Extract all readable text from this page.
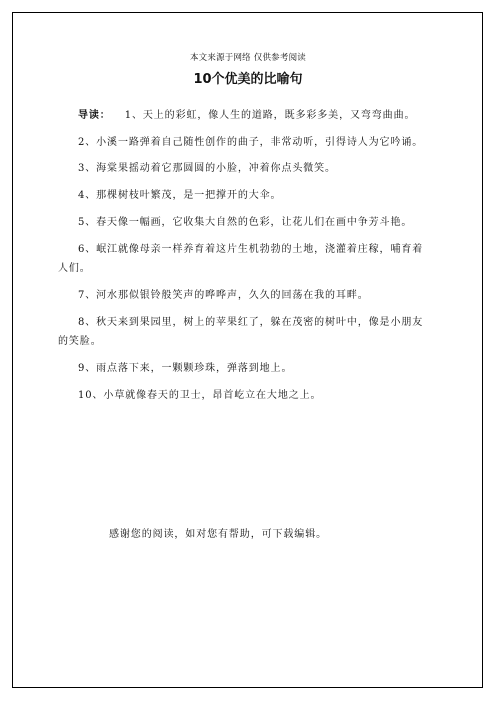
本文来源于网络 仅供参考阅读
10个优美的比喻句

导读： 1、天上的彩虹，像人生的道路，既多彩多美，又弯弯曲曲。

2、小溪一路弹着自己随性创作的曲子，非常动听，引得诗人为它吟诵。

3、海棠果摇动着它那圆圆的小脸，冲着你点头微笑。

4、那棵树枝叶繁茂，是一把撑开的大伞。

5、春天像一幅画，它收集大自然的色彩，让花儿们在画中争芳斗艳。

6、岷江就像母亲一样养育着这片生机勃勃的土地，浇灌着庄稼，哺育着人们。

7、河水那似银铃般笑声的哗哗声，久久的回荡在我的耳畔。

8、秋天来到果园里，树上的苹果红了，躲在茂密的树叶中，像是小朋友的笑脸。

9、雨点落下来，一颗颗珍珠，弹落到地上。

10、小草就像春天的卫士，昂首屹立在大地之上。

感谢您的阅读，如对您有帮助，可下载编辑。
